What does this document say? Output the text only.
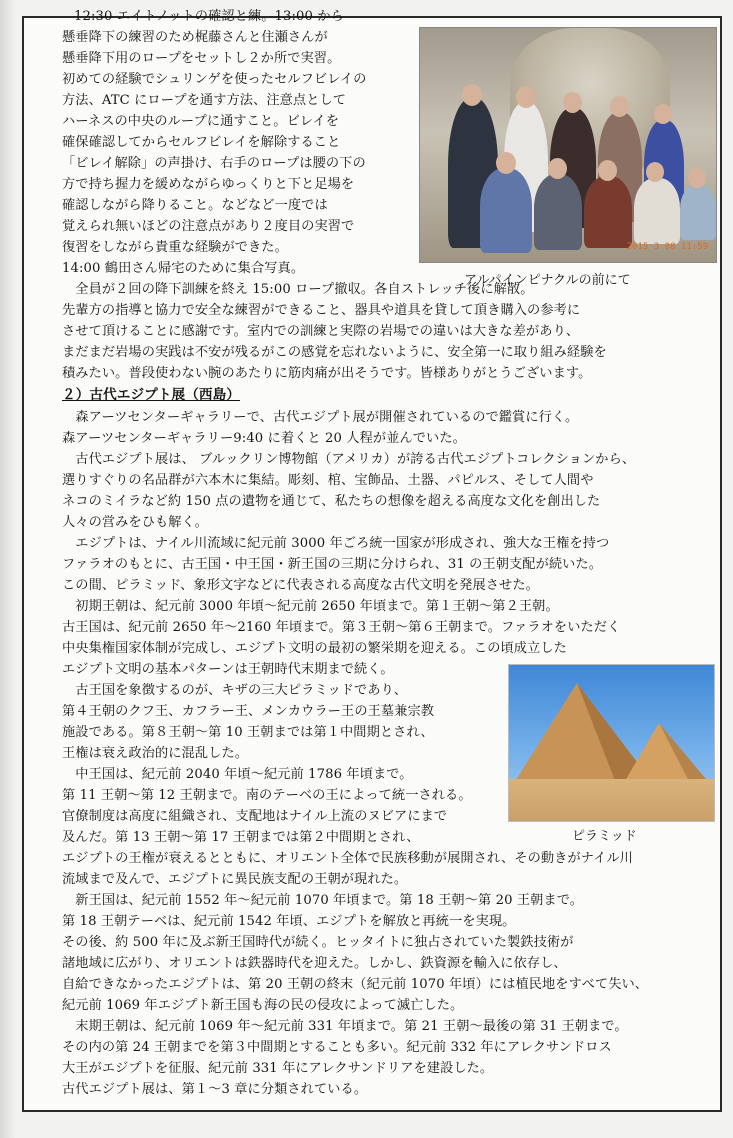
2015 3 08 11:59

アルパインピナクルの前にて

ピラミッド

12:30 エイトノットの確認と練。13:00 から

懸垂降下の練習のため梶藤さんと住瀬さんが

懸垂降下用のロープをセットし２か所で実習。

初めての経験でシュリンゲを使ったセルフビレイの

方法、ATC にロープを通す方法、注意点として

ハーネスの中央のループに通すこと。ビレイを

確保確認してからセルフビレイを解除すること

「ビレイ解除」の声掛け、右手のロープは腰の下の

方で持ち握力を緩めながらゆっくりと下と足場を

確認しながら降りること。などなど一度では

覚えられ無いほどの注意点があり２度目の実習で

復習をしながら貴重な経験ができた。

14:00 鶴田さん帰宅のために集合写真。

　全員が２回の降下訓練を終え 15:00 ロープ撤収。各自ストレッチ後に解散。

先輩方の指導と協力で安全な練習ができること、器具や道具を貸して頂き購入の参考に

させて頂けることに感謝です。室内での訓練と実際の岩場での違いは大きな差があり、

まだまだ岩場の実践は不安が残るがこの感覚を忘れないように、安全第一に取り組み経験を

積みたい。普段使わない腕のあたりに筋肉痛が出そうです。皆様ありがとうございます。

２）古代エジプト展（西島）

　森アーツセンターギャラリーで、古代エジプト展が開催されているので鑑賞に行く。

森アーツセンターギャラリー9:40 に着くと 20 人程が並んでいた。

　古代エジプト展は、 ブルックリン博物館（アメリカ）が誇る古代エジプトコレクションから、

選りすぐりの名品群が六本木に集結。彫刻、棺、宝飾品、土器、パピルス、そして人間や

ネコのミイラなど約 150 点の遺物を通じて、私たちの想像を超える高度な文化を創出した

人々の営みをひも解く。

　エジプトは、ナイル川流域に紀元前 3000 年ごろ統一国家が形成され、強大な王権を持つ

ファラオのもとに、古王国・中王国・新王国の三期に分けられ、31 の王朝支配が続いた。

この間、ピラミッド、象形文字などに代表される高度な古代文明を発展させた。

　初期王朝は、紀元前 3000 年頃～紀元前 2650 年頃まで。第１王朝～第２王朝。

古王国は、紀元前 2650 年～2160 年頃まで。第３王朝～第６王朝まで。ファラオをいただく

中央集権国家体制が完成し、エジプト文明の最初の繁栄期を迎える。この頃成立した

エジプト文明の基本パターンは王朝時代末期まで続く。

　古王国を象徴するのが、キザの三大ピラミッドであり、

第４王朝のクフ王、カフラー王、メンカウラー王の王墓兼宗教

施設である。第８王朝～第 10 王朝までは第１中間期とされ、

王権は衰え政治的に混乱した。

　中王国は、紀元前 2040 年頃～紀元前 1786 年頃まで。

第 11 王朝～第 12 王朝まで。南のテーベの王によって統一される。

官僚制度は高度に組織され、支配地はナイル上流のヌビアにまで

及んだ。第 13 王朝～第 17 王朝までは第２中間期とされ、

エジプトの王権が衰えるとともに、オリエント全体で民族移動が展開され、その動きがナイル川

流域まで及んで、エジプトに異民族支配の王朝が現れた。

　新王国は、紀元前 1552 年～紀元前 1070 年頃まで。第 18 王朝～第 20 王朝まで。

第 18 王朝テーベは、紀元前 1542 年頃、エジプトを解放と再統一を実現。

その後、約 500 年に及ぶ新王国時代が続く。ヒッタイトに独占されていた製鉄技術が

諸地域に広がり、オリエントは鉄器時代を迎えた。しかし、鉄資源を輸入に依存し、

自給できなかったエジプトは、第 20 王朝の終末（紀元前 1070 年頃）には植民地をすべて失い、

紀元前 1069 年エジプト新王国も海の民の侵攻によって滅亡した。

　末期王朝は、紀元前 1069 年～紀元前 331 年頃まで。第 21 王朝～最後の第 31 王朝まで。

その内の第 24 王朝までを第３中間期とすることも多い。紀元前 332 年にアレクサンドロス

大王がエジプトを征服、紀元前 331 年にアレクサンドリアを建設した。

古代エジプト展は、第１～3 章に分類されている。
